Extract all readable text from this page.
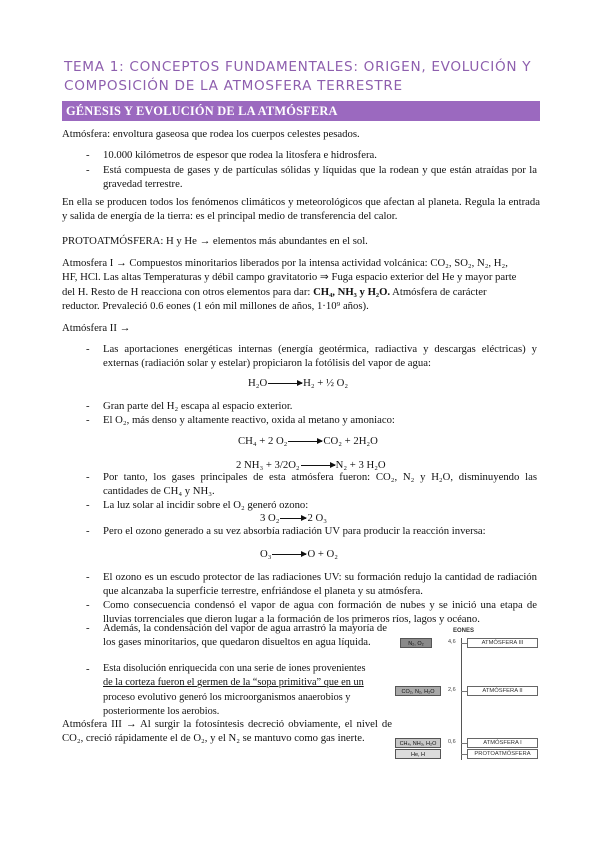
TEMA 1: CONCEPTOS FUNDAMENTALES: ORIGEN, EVOLUCIÓN Y
COMPOSICIÓN DE LA ATMOSFERA TERRESTRE
GÉNESIS Y EVOLUCIÓN DE LA ATMÓSFERA

Atmósfera: envoltura gaseosa que rodea los cuerpos celestes pesados.

- 10.000 kilómetros de espesor que rodea la litosfera e hidrosfera.

- Está compuesta de gases y de partículas sólidas y líquidas que la rodean y que están atraídas por la gravedad terrestre.

En ella se producen todos los fenómenos climáticos y meteorológicos que afectan al planeta. Regula la entrada y salida de energía de la tierra: es el principal medio de transferencia del calor.

PROTOATMÓSFERA: H y He → elementos más abundantes en el sol.

Atmosfera I → Compuestos minoritarios liberados por la intensa actividad volcánica: CO₂, SO₂, N₂, H₂,
HF, HCl. Las altas Temperaturas y débil campo gravitatorio ⇒ Fuga espacio exterior del He y mayor parte
del H. Resto de H reacciona con otros elementos para dar: CH₄, NH₃ y H₂O. Atmósfera de carácter
reductor. Prevaleció 0.6 eones (1 eón mil millones de años, 1·10⁹ años).

Atmósfera II →

- Las aportaciones energéticas internas (energía geotérmica, radiactiva y descargas eléctricas) y externas (radiación solar y estelar) propiciaron la fotólisis del vapor de agua:

H₂O→H₂ + ½ O₂
- Gran parte del H₂ escapa al espacio exterior.

- El O₂, más denso y altamente reactivo, oxida al metano y amoniaco:

CH₄ + 2 O₂→CO₂ + 2H₂O
2 NH₃ + 3/2O₂→N₂ + 3 H₂O
- Por tanto, los gases principales de esta atmósfera fueron: CO₂, N₂ y H₂O, disminuyendo las cantidades de CH₄ y NH₃.

- La luz solar al incidir sobre el O₂ generó ozono:

3 O₂→2 O₃
- Pero el ozono generado a su vez absorbía radiación UV para producir la reacción inversa:

O₃→O + O₂
- El ozono es un escudo protector de las radiaciones UV: su formación redujo la cantidad de radiación que alcanzaba la superficie terrestre, enfriándose el planeta y su atmósfera.

- Como consecuencia condensó el vapor de agua con formación de nubes y se inició una etapa de lluvias torrenciales que dieron lugar a la formación de los primeros ríos, lagos y océano.

- Además, la condensación del vapor de agua arrastró la mayoría de los gases minoritarios, que quedaron disueltos en agua líquida.

- Esta disolución enriquecida con una serie de iones provenientes
de la corteza fueron el germen de la “sopa primitiva” que en un
proceso evolutivo generó los microorganismos anaerobios y
posteriormente los aerobios.

Atmósfera III → Al surgir la fotosíntesis decreció obviamente, el nivel de CO₂, creció rápidamente el de O₂, y el N₂ se mantuvo como gas inerte.

EONES
4,6
2,6
0,6
N₂, O₂
CO₂, N₂, H₂O
CH₄, NH₃, H₂O
He, H
ATMÓSFERA III
ATMÓSFERA II
ATMÓSFERA I
PROTOATMÓSFERA
